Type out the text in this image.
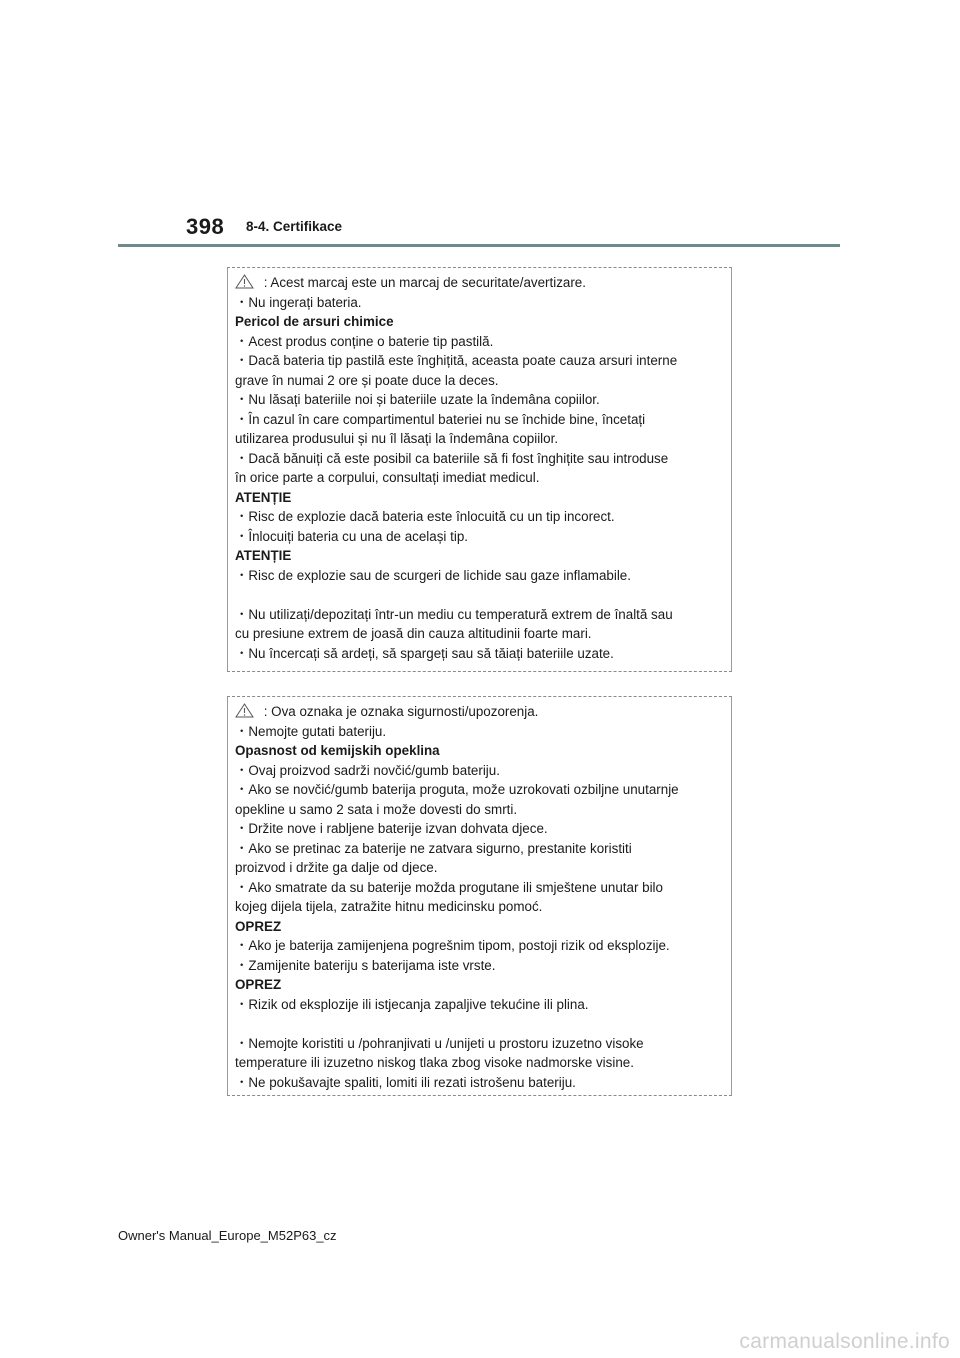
398 8-4. Certifikace
: Acest marcaj este un marcaj de securitate/avertizare.
・Nu ingerați bateria.
Pericol de arsuri chimice
・Acest produs conține o baterie tip pastilă.
・Dacă bateria tip pastilă este înghițită, aceasta poate cauza arsuri interne
grave în numai 2 ore și poate duce la deces.
・Nu lăsați bateriile noi și bateriile uzate la îndemâna copiilor.
・În cazul în care compartimentul bateriei nu se închide bine, încetați
utilizarea produsului și nu îl lăsați la îndemâna copiilor.
・Dacă bănuiți că este posibil ca bateriile să fi fost înghițite sau introduse
în orice parte a corpului, consultați imediat medicul.
ATENȚIE
・Risc de explozie dacă bateria este înlocuită cu un tip incorect.
・Înlocuiți bateria cu una de același tip.
ATENȚIE
・Risc de explozie sau de scurgeri de lichide sau gaze inflamabile.
・Nu utilizați/depozitați într-un mediu cu temperatură extrem de înaltă sau
cu presiune extrem de joasă din cauza altitudinii foarte mari.
・Nu încercați să ardeți, să spargeți sau să tăiați bateriile uzate.
: Ova oznaka je oznaka sigurnosti/upozorenja.
・Nemojte gutati bateriju.
Opasnost od kemijskih opeklina
・Ovaj proizvod sadrži novčić/gumb bateriju.
・Ako se novčić/gumb baterija proguta, može uzrokovati ozbiljne unutarnje
opekline u samo 2 sata i može dovesti do smrti.
・Držite nove i rabljene baterije izvan dohvata djece.
・Ako se pretinac za baterije ne zatvara sigurno, prestanite koristiti
proizvod i držite ga dalje od djece.
・Ako smatrate da su baterije možda progutane ili smještene unutar bilo
kojeg dijela tijela, zatražite hitnu medicinsku pomoć.
OPREZ
・Ako je baterija zamijenjena pogrešnim tipom, postoji rizik od eksplozije.
・Zamijenite bateriju s baterijama iste vrste.
OPREZ
・Rizik od eksplozije ili istjecanja zapaljive tekućine ili plina.
・Nemojte koristiti u /pohranjivati u /unijeti u prostoru izuzetno visoke
temperature ili izuzetno niskog tlaka zbog visoke nadmorske visine.
・Ne pokušavajte spaliti, lomiti ili rezati istrošenu bateriju.
Owner's Manual_Europe_M52P63_cz
carmanualsonline.info
